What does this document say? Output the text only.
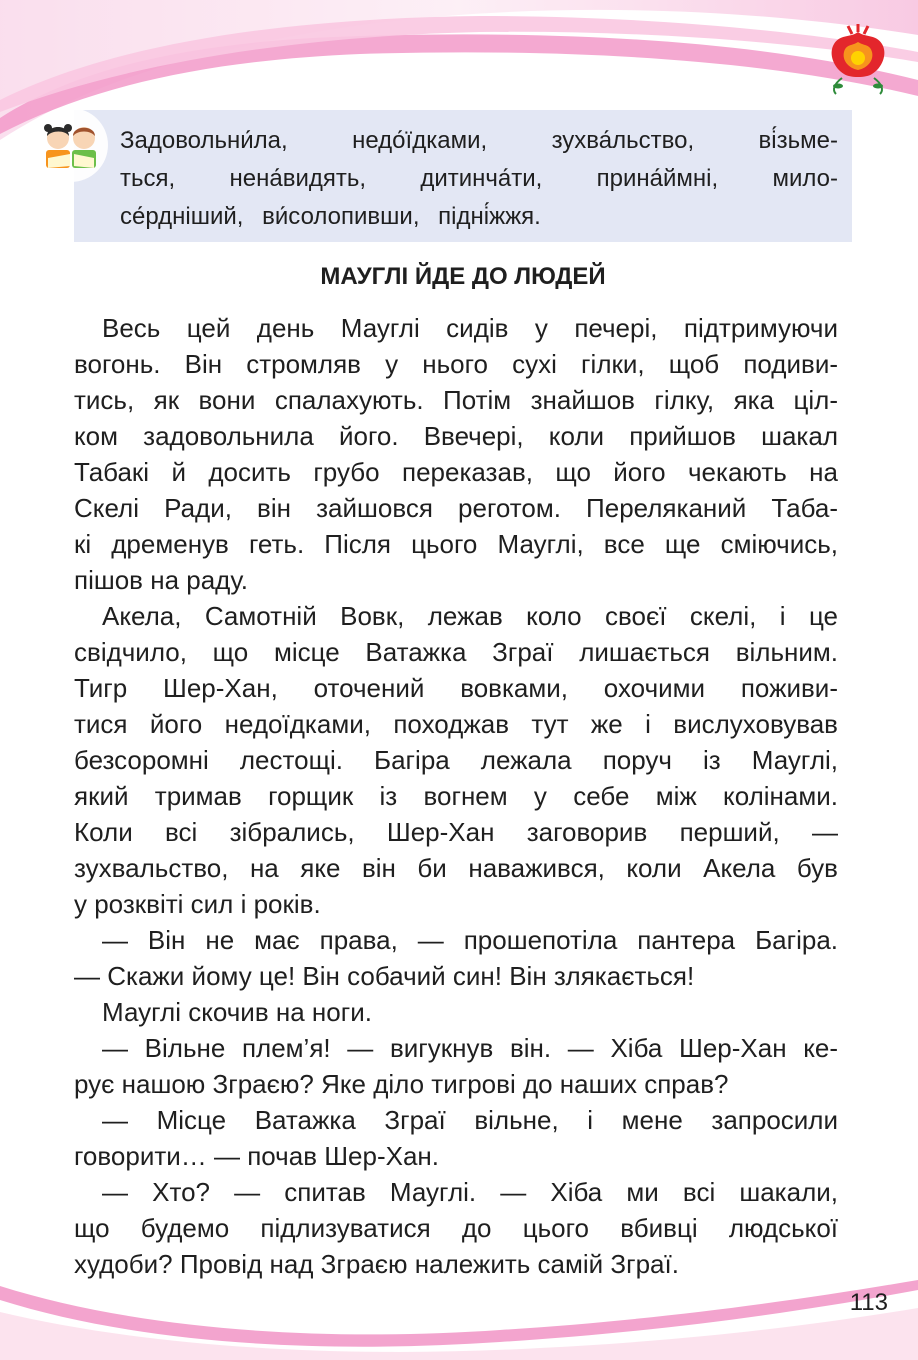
Задовольни́ла, недо́їдками, зухва́льство, ві́зьме-

ться, нена́видять, дитинча́ти, прина́ймні, мило-

се́рдніший, ви́солопивши, підні́жжя.

МАУГЛІ ЙДЕ ДО ЛЮДЕЙ

Весь цей день Мауглі сидів у печері, підтримуючи

вогонь. Він стромляв у нього сухі гілки, щоб подиви-

тись, як вони спалахують. Потім знайшов гілку, яка ціл-

ком задовольнила його. Ввечері, коли прийшов шакал

Табакі й досить грубо переказав, що його чекають на

Скелі Ради, він зайшовся реготом. Переляканий Таба-

кі дременув геть. Після цього Мауглі, все ще сміючись,

пішов на раду.

Акела, Самотній Вовк, лежав коло своєї скелі, і це

свідчило, що місце Ватажка Зграї лишається вільним.

Тигр Шер-Хан, оточений вовками, охочими поживи-

тися його недоїдками, походжав тут же і вислуховував

безсоромні лестощі. Багіра лежала поруч із Мауглі,

який тримав горщик із вогнем у себе між колінами.

Коли всі зібрались, Шер-Хан заговорив перший, —

зухвальство, на яке він би наважився, коли Акела був

у розквіті сил і років.

— Він не має права, — прошепотіла пантера Багіра.

— Скажи йому це! Він собачий син! Він злякається!

Мауглі скочив на ноги.

— Вільне плем’я! — вигукнув він. — Хіба Шер-Хан ке-

рує нашою Зграєю? Яке діло тигрові до наших справ?

— Місце Ватажка Зграї вільне, і мене запросили

говорити… — почав Шер-Хан.

— Хто? — спитав Мауглі. — Хіба ми всі шакали,

що будемо підлизуватися до цього вбивці людської

худоби? Провід над Зграєю належить самій Зграї.

113
